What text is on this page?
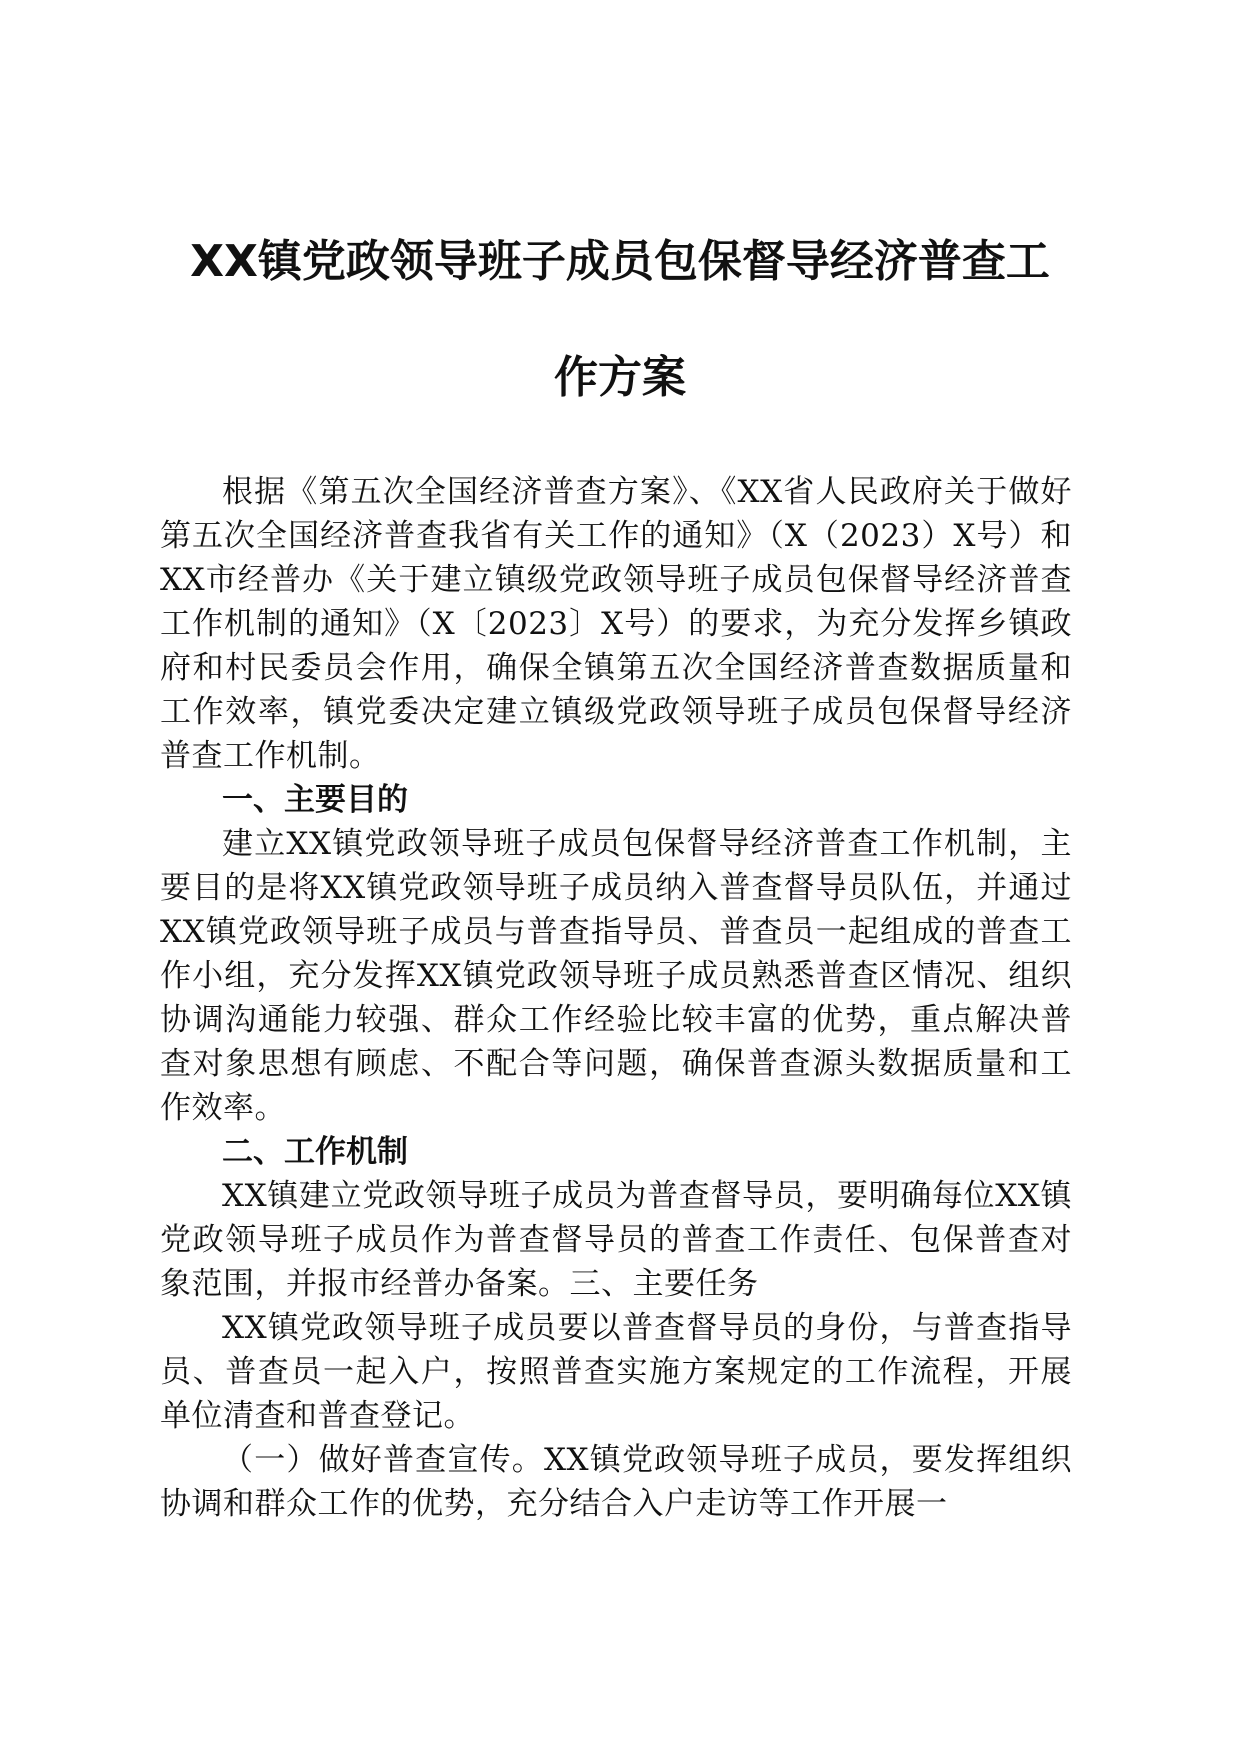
XX镇党政领导班子成员包保督导经济普查工
作方案

根据《第五次全国经济普查方案》、《XX省人民政府关于做好第五次全国经济普查我省有关工作的通知》（X（2023）X号）和XX市经普办《关于建立镇级党政领导班子成员包保督导经济普查工作机制的通知》（X〔2023〕X号）的要求，为充分发挥乡镇政府和村民委员会作用，确保全镇第五次全国经济普查数据质量和工作效率，镇党委决定建立镇级党政领导班子成员包保督导经济普查工作机制。

一、主要目的

建立XX镇党政领导班子成员包保督导经济普查工作机制，主要目的是将XX镇党政领导班子成员纳入普查督导员队伍，并通过XX镇党政领导班子成员与普查指导员、普查员一起组成的普查工作小组，充分发挥XX镇党政领导班子成员熟悉普查区情况、组织协调沟通能力较强、群众工作经验比较丰富的优势，重点解决普查对象思想有顾虑、不配合等问题，确保普查源头数据质量和工作效率。

二、工作机制

XX镇建立党政领导班子成员为普查督导员，要明确每位XX镇党政领导班子成员作为普查督导员的普查工作责任、包保普查对象范围，并报市经普办备案。三、主要任务

XX镇党政领导班子成员要以普查督导员的身份，与普查指导员、普查员一起入户，按照普查实施方案规定的工作流程，开展单位清查和普查登记。

（一）做好普查宣传。XX镇党政领导班子成员，要发挥组织协调和群众工作的优势，充分结合入户走访等工作开展一
